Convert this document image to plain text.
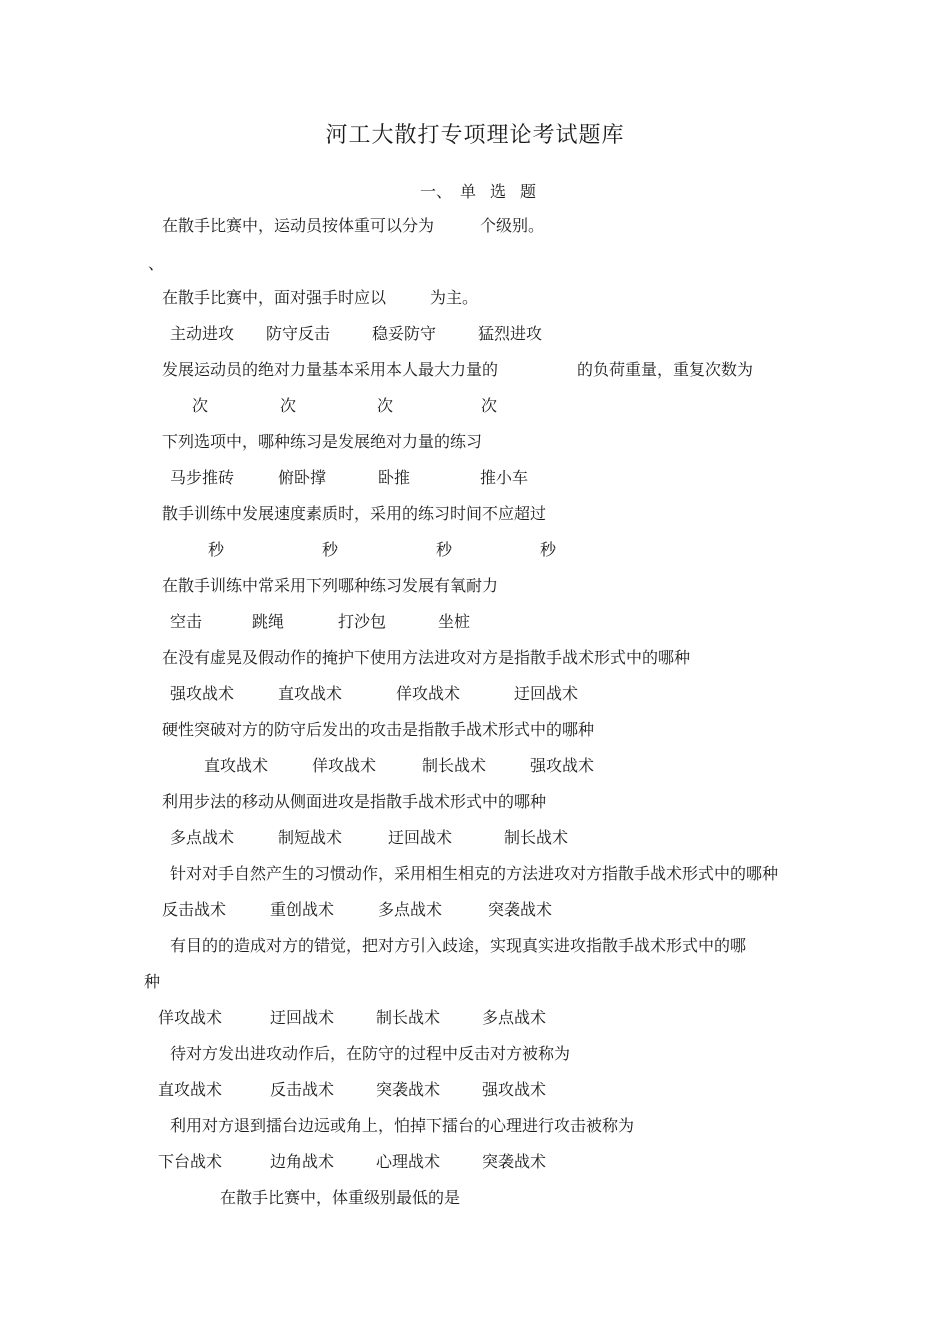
河工大散打专项理论考试题库
一、 单 选 题
、
在散手比赛中，运动员按体重可以分为	个级别。
在散手比赛中，面对强手时应以	为主。
主动进攻 防守反击	稳妥防守	猛烈进攻
发展运动员的绝对力量基本采用本人最大力量的	的负荷重量，重复次数为
次	次	次	次
下列选项中，哪种练习是发展绝对力量的练习
马步推砖	俯卧撑	卧推	推小车
散手训练中发展速度素质时，采用的练习时间不应超过
秒	秒	秒	秒
在散手训练中常采用下列哪种练习发展有氧耐力
空击	跳绳	打沙包	坐桩
在没有虚晃及假动作的掩护下使用方法进攻对方是指散手战术形式中的哪种
强攻战术	直攻战术	佯攻战术	迂回战术
硬性突破对方的防守后发出的攻击是指散手战术形式中的哪种
直攻战术	佯攻战术	制长战术	强攻战术
利用步法的移动从侧面进攻是指散手战术形式中的哪种
多点战术	制短战术	迂回战术	制长战术
针对对手自然产生的习惯动作，采用相生相克的方法进攻对方指散手战术形式中的哪种
反击战术	重创战术	多点战术	突袭战术
有目的的造成对方的错觉，把对方引入歧途，实现真实进攻指散手战术形式中的哪
种
佯攻战术	迂回战术	制长战术	多点战术
待对方发出进攻动作后，在防守的过程中反击对方被称为
直攻战术	反击战术	突袭战术	强攻战术
利用对方退到擂台边远或角上，怕掉下擂台的心理进行攻击被称为
下台战术	边角战术	心理战术	突袭战术
在散手比赛中，体重级别最低的是
